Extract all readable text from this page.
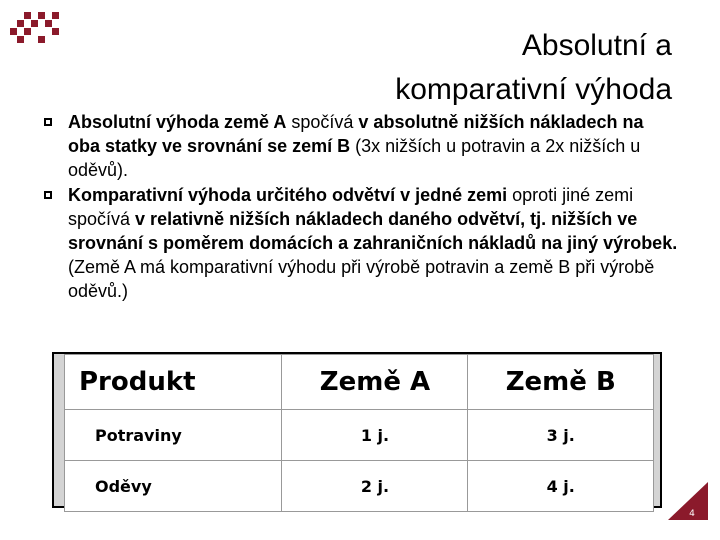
Absolutní a
komparativní výhoda
Absolutní výhoda země A spočívá v absolutně nižších nákladech na oba statky ve srovnání se zemí B (3x nižších u potravin a 2x nižších u oděvů).
Komparativní výhoda určitého odvětví v jedné zemi oproti jiné zemi spočívá v relativně nižších nákladech daného odvětví, tj. nižších ve srovnání s poměrem domácích a zahraničních nákladů na jiný výrobek. (Země A má komparativní výhodu při výrobě potravin a země B při výrobě oděvů.)
Produkt	Země A	Země B
Potraviny	1 j.	3 j.
Oděvy	2 j.	4 j.
4
